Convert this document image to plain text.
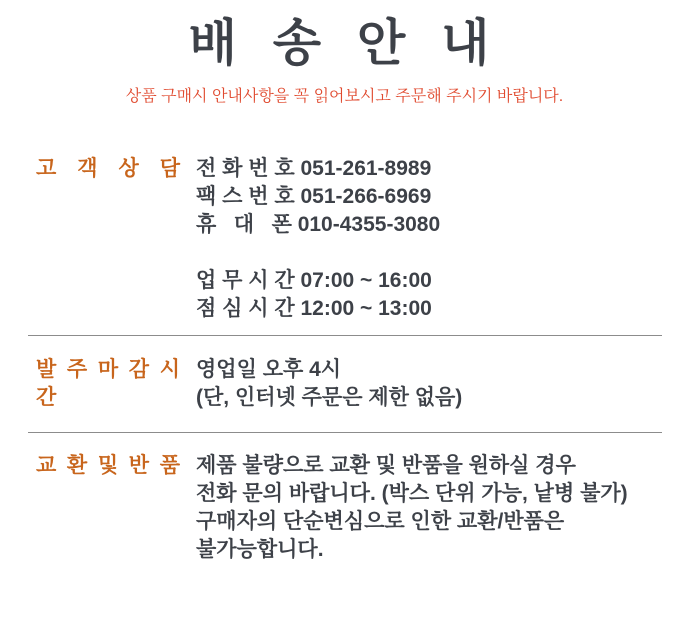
배 송 안 내

상품 구매시 안내사항을 꼭 읽어보시고 주문해 주시기 바랍니다.

고 객 상 담 전 화 번 호 051-261-8989
팩 스 번 호 051-266-6969
휴   대   폰 010-4355-3080
업 무 시 간 07:00 ~ 16:00
점 심 시 간 12:00 ~ 13:00
발 주 마 감 시 간
영업일 오후 4시
(단, 인터넷 주문은 제한 없음)
교 환 및 반 품 제품 불량으로 교환 및 반품을 원하실 경우
전화 문의 바랍니다. (박스 단위 가능, 낱병 불가)
구매자의 단순변심으로 인한 교환/반품은
불가능합니다.
